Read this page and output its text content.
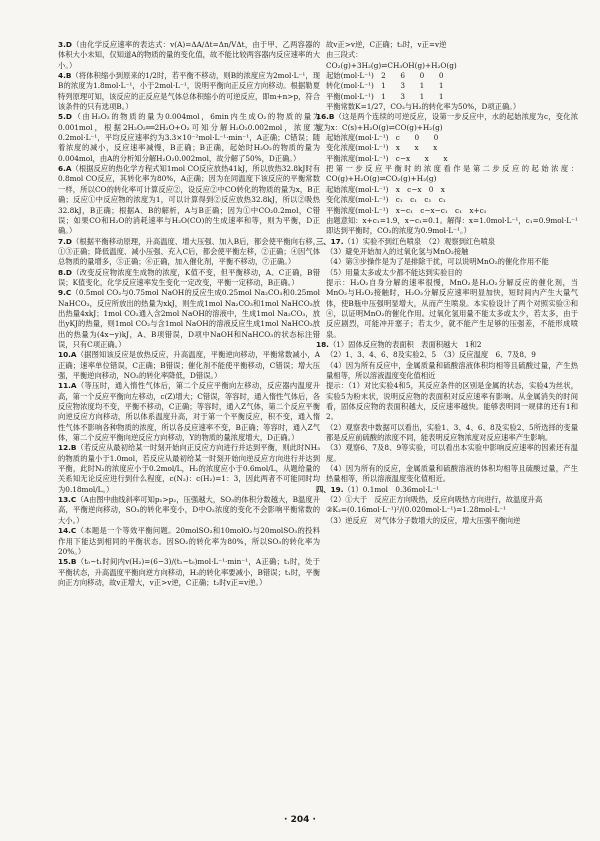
3.D（由化学反应速率的表达式：v(A)=ΔA/Δt=Δn/VΔt，由于甲、乙两容器的体积大小未知，仅知道A的物质的量的变化值，故不能比较两容器内反应速率的大小。）

4.B（将体积缩小到原来的1/2时，若平衡不移动，则B的浓度应为2mol·L⁻¹，现B的浓度为1.8mol·L⁻¹，小于2mol·L⁻¹，说明平衡向正反应方向移动。根据勒夏特列原理可知，该反应的正反应是气体总体积缩小的可逆反应，即m+n>p，符合该条件的只有选项B。）

5.D（由H₂O₂的物质的量为0.004mol，6min内生成O₂的物质的量为0.001mol，根据2H₂O₂══2H₂O+O₂可知分解H₂O₂0.002mol，浓度为0.2mol·L⁻¹，平均反应速率约为3.3×10⁻²mol·L⁻¹·min⁻¹，A正确；C错误；随着浓度的减小，反应速率减慢，B正确；B正确，起始时H₂O₂的物质的量为0.004mol，由A的分析知分解H₂O₂0.002mol，故分解了50%，D正确。）

6.A（根据反应的热化学方程式知1mol CO反应放热41kJ，所以放热32.8kJ时有0.8mol CO反应，其转化率为80%，A正确；因为在同温度下该反应的平衡常数一样，所以CO的转化率可计算反应②，设反应②中CO转化的物质的量为x，B正确；反应①中反应物的浓度为1，可以计算得到②反应放热32.8kJ，所以②吸热32.8kJ，B正确；根据A、B的解析，A与B正确；因为①中CO₂0.2mol，C错误；如果CO和H₂O的消耗速率与H₂O(CO)的生成速率和等，则为平衡，D正确。）

7.D（根据平衡移动原理，升高温度、增大压强、加入B后，都会使平衡向右移，①③正确；降低温度、减小压强、充入C后，都会使平衡左移，②正确；④因气体总物质的量增多，⑤正确；⑥正确，加入催化剂，平衡不移动，⑦正确。）

8.D（改变反应物浓度生成物的浓度，K值不变，但平衡移动，A、C正确，B错误；K值变化，化学反应速率发生变化一定改变，平衡一定移动，B正确。）

9.C（0.5mol CO₂与0.75mol NaOH的反应生成0.25mol Na₂CO₃和0.25mol NaHCO₃，反应所放出的热量为xkJ，则生成1mol Na₂CO₃和1mol NaHCO₃放出热量4xkJ；1mol CO₂通入含2mol NaOH的溶液中，生成1mol Na₂CO₃，放出yKJ的热量，则1mol CO₂与含1mol NaOH的溶液反应生成1mol NaHCO₃放出的热量为(4x−y)kJ，A、B项错误，D项中NaOH和NaHCO₃的状态标注错误，只有C项正确。）

10.A（据图知该反应是放热反应，升高温度，平衡逆向移动，平衡常数减小，A正确；速率单位错误，C正确；B错误；催化剂不能使平衡移动，C错误；增大压强，平衡逆向移动，NO₂的转化率降低，D错误。）

11.A（等压时，通入惰性气体后，第二个反应平衡向左移动，反应器内温度升高，第一个反应平衡向左移动，c(Z)增大；C错误，等容时，通入惰性气体后，各反应物浓度均不变，平衡不移动，C正确；等容时，通入Z气体，第二个反应平衡向逆反应方向移动，所以体系温度升高，对于第一个平衡反应，积不变，通入惰性气体不影响各种物质的浓度，所以各反应速率不变，B正确；等容时，通入Z气体，第二个反应平衡向逆反应方向移动，Y的物质的量浓度增大，D正确。）

12.B（若反应从最初给某一时刻开始向正反应方向进行并达到平衡，则此时NH₃的物质的量小于1.0mol，若反应从最初给某一时刻开始向逆反应方向进行并达到平衡，此时N₂的浓度应小于0.2mol/L，H₂的浓度应小于0.6mol/L，从题给量的关系知无论反应进行到什么程度，c(N₂)：c(H₂)=1：3，因此两者不可能同时均为0.18mol/L。）

13.C（A由图中曲线斜率可知p₁>p₂，压强越大，SO₃的体积分数越大，B温度升高，平衡逆向移动，SO₃的转化率变小，D中O₂浓度的变化不会影响平衡常数的大小。）

14.C（本题是一个等效平衡问题。20molSO₂和10molO₂与20molSO₃的投料作用下能达到相同的平衡状态。因SO₂的转化率为80%，所以SO₃的转化率为20%。）

15.B（t₀~t₁时间内v(H₂)=(6−3)/(t₁−t₀)mol·L⁻¹·min⁻¹，A正确；t₁时，处于平衡状态，升高温度平衡向逆方向移动，H₂的转化率要减小，B错误；t₁时，平衡向正方向移动，故v正增大，v正>v逆，C正确；t₂时v正=v逆。）

故v正>v逆，C正确；t₂时，v正=v逆

由三段式：

CO₂(g)+3H₂(g)⇌CH₃OH(g)+H₂O(g)

起始(mol·L⁻¹)　2　　6　　0　　0

转化(mol·L⁻¹)　1　　3　　1　　1

平衡(mol·L⁻¹)　1　　3　　1　　1

平衡常数K=1/27，CO₂与H₂的转化率为50%，D项正确。）

16.B（这是两个连续的可逆反应，设第一步反应中，水的起始浓度为c，变化浓度为x：C(s)+H₂O(g)⇌CO(g)+H₂(g)

起始浓度(mol·L⁻¹)　c　　0　　0

变化浓度(mol·L⁻¹)　x　　x　　x

平衡浓度(mol·L⁻¹)　c−x　　x　　x

把第一步反应平衡时的浓度看作是第二步反应的起始浓度：CO(g)+H₂O(g)⇌CO₂(g)+H₂(g)

起始浓度(mol·L⁻¹)　x　c−x　0　x

变化浓度(mol·L⁻¹)　c₁　c₁　c₁　c₁

平衡浓度(mol·L⁻¹)　x−c₁　c−x−c₁　c₁　x+c₁

由题意知：x+c₁=1.9，x−c₁=0.1。解得：x=1.0mol·L⁻¹，c₁=0.9mol·L⁻¹

即达到平衡时，CO₂的浓度为0.9mol·L⁻¹。）

三、17.（1）实验不到红色喷泉　（2）观察到红色喷泉

（3）避免开始加入的过氧化氢与MnO₂接触

（4）第③步操作是为了是排除干扰，可以说明MnO₂的催化作用不能

（5）用量太多或太少都不能达到实验目的

提示：H₂O₂自身分解的速率很慢，MnO₂是H₂O₂分解反应的催化剂，当MnO₂与H₂O₂接触时，H₂O₂分解反应速率明显加快，短时间内产生大量气体，使B瓶中压强明显增大，从而产生喷泉。本实验设计了两个对照实验③和④，以证明MnO₂的催化作用。过氧化氢用量不能太多或太少，若太多，由于反应剧烈，可能冲开塞子；若太少，就不能产生足够的压强差，不能形成喷泉。

18.（1）固体反应物的表面积　表面积越大　1和2

（2）1、3、4、6、8及实验2、5　（3）反应温度　6、7及8、9

（4）因为所有反应中，金属质量和硫酸溶液体积均相等且硫酸过量，产生热量相等，所以溶液温度变化值相近

提示：（1）对比实验4和5，其反应条件的区别是金属的状态，实验4为丝状，实验5为粉末状，说明反应物的表面积对反应速率有影响。从金属消失的时间看，固体反应物的表面积越大，反应速率越快。能够表明同一规律的还有1和2。

（2）观察表中数据可以看出，实验1、3、4、6、8及实验2、5所选择的变量都是反应前硫酸的浓度不同，能表明反应物浓度对反应速率产生影响。

（3）观察6、7及8、9等实验，可以看出本实验中影响反应速率的因素还有温度。

（4）因为所有的反应，金属质量和硫酸溶液的体积均相等且硫酸过量，产生热量相等，所以溶液温度变化值相近。

四、19.（1）0.1mol　0.36mol·L⁻¹

（2）①大于　反应正方向吸热，反应向吸热方向进行，故温度升高

②K₂=(0.16mol·L⁻¹)²/(0.020mol·L⁻¹)=1.28mol·L⁻¹

（3）逆反应　对气体分子数增大的反应，增大压强平衡向逆

· 204 ·
